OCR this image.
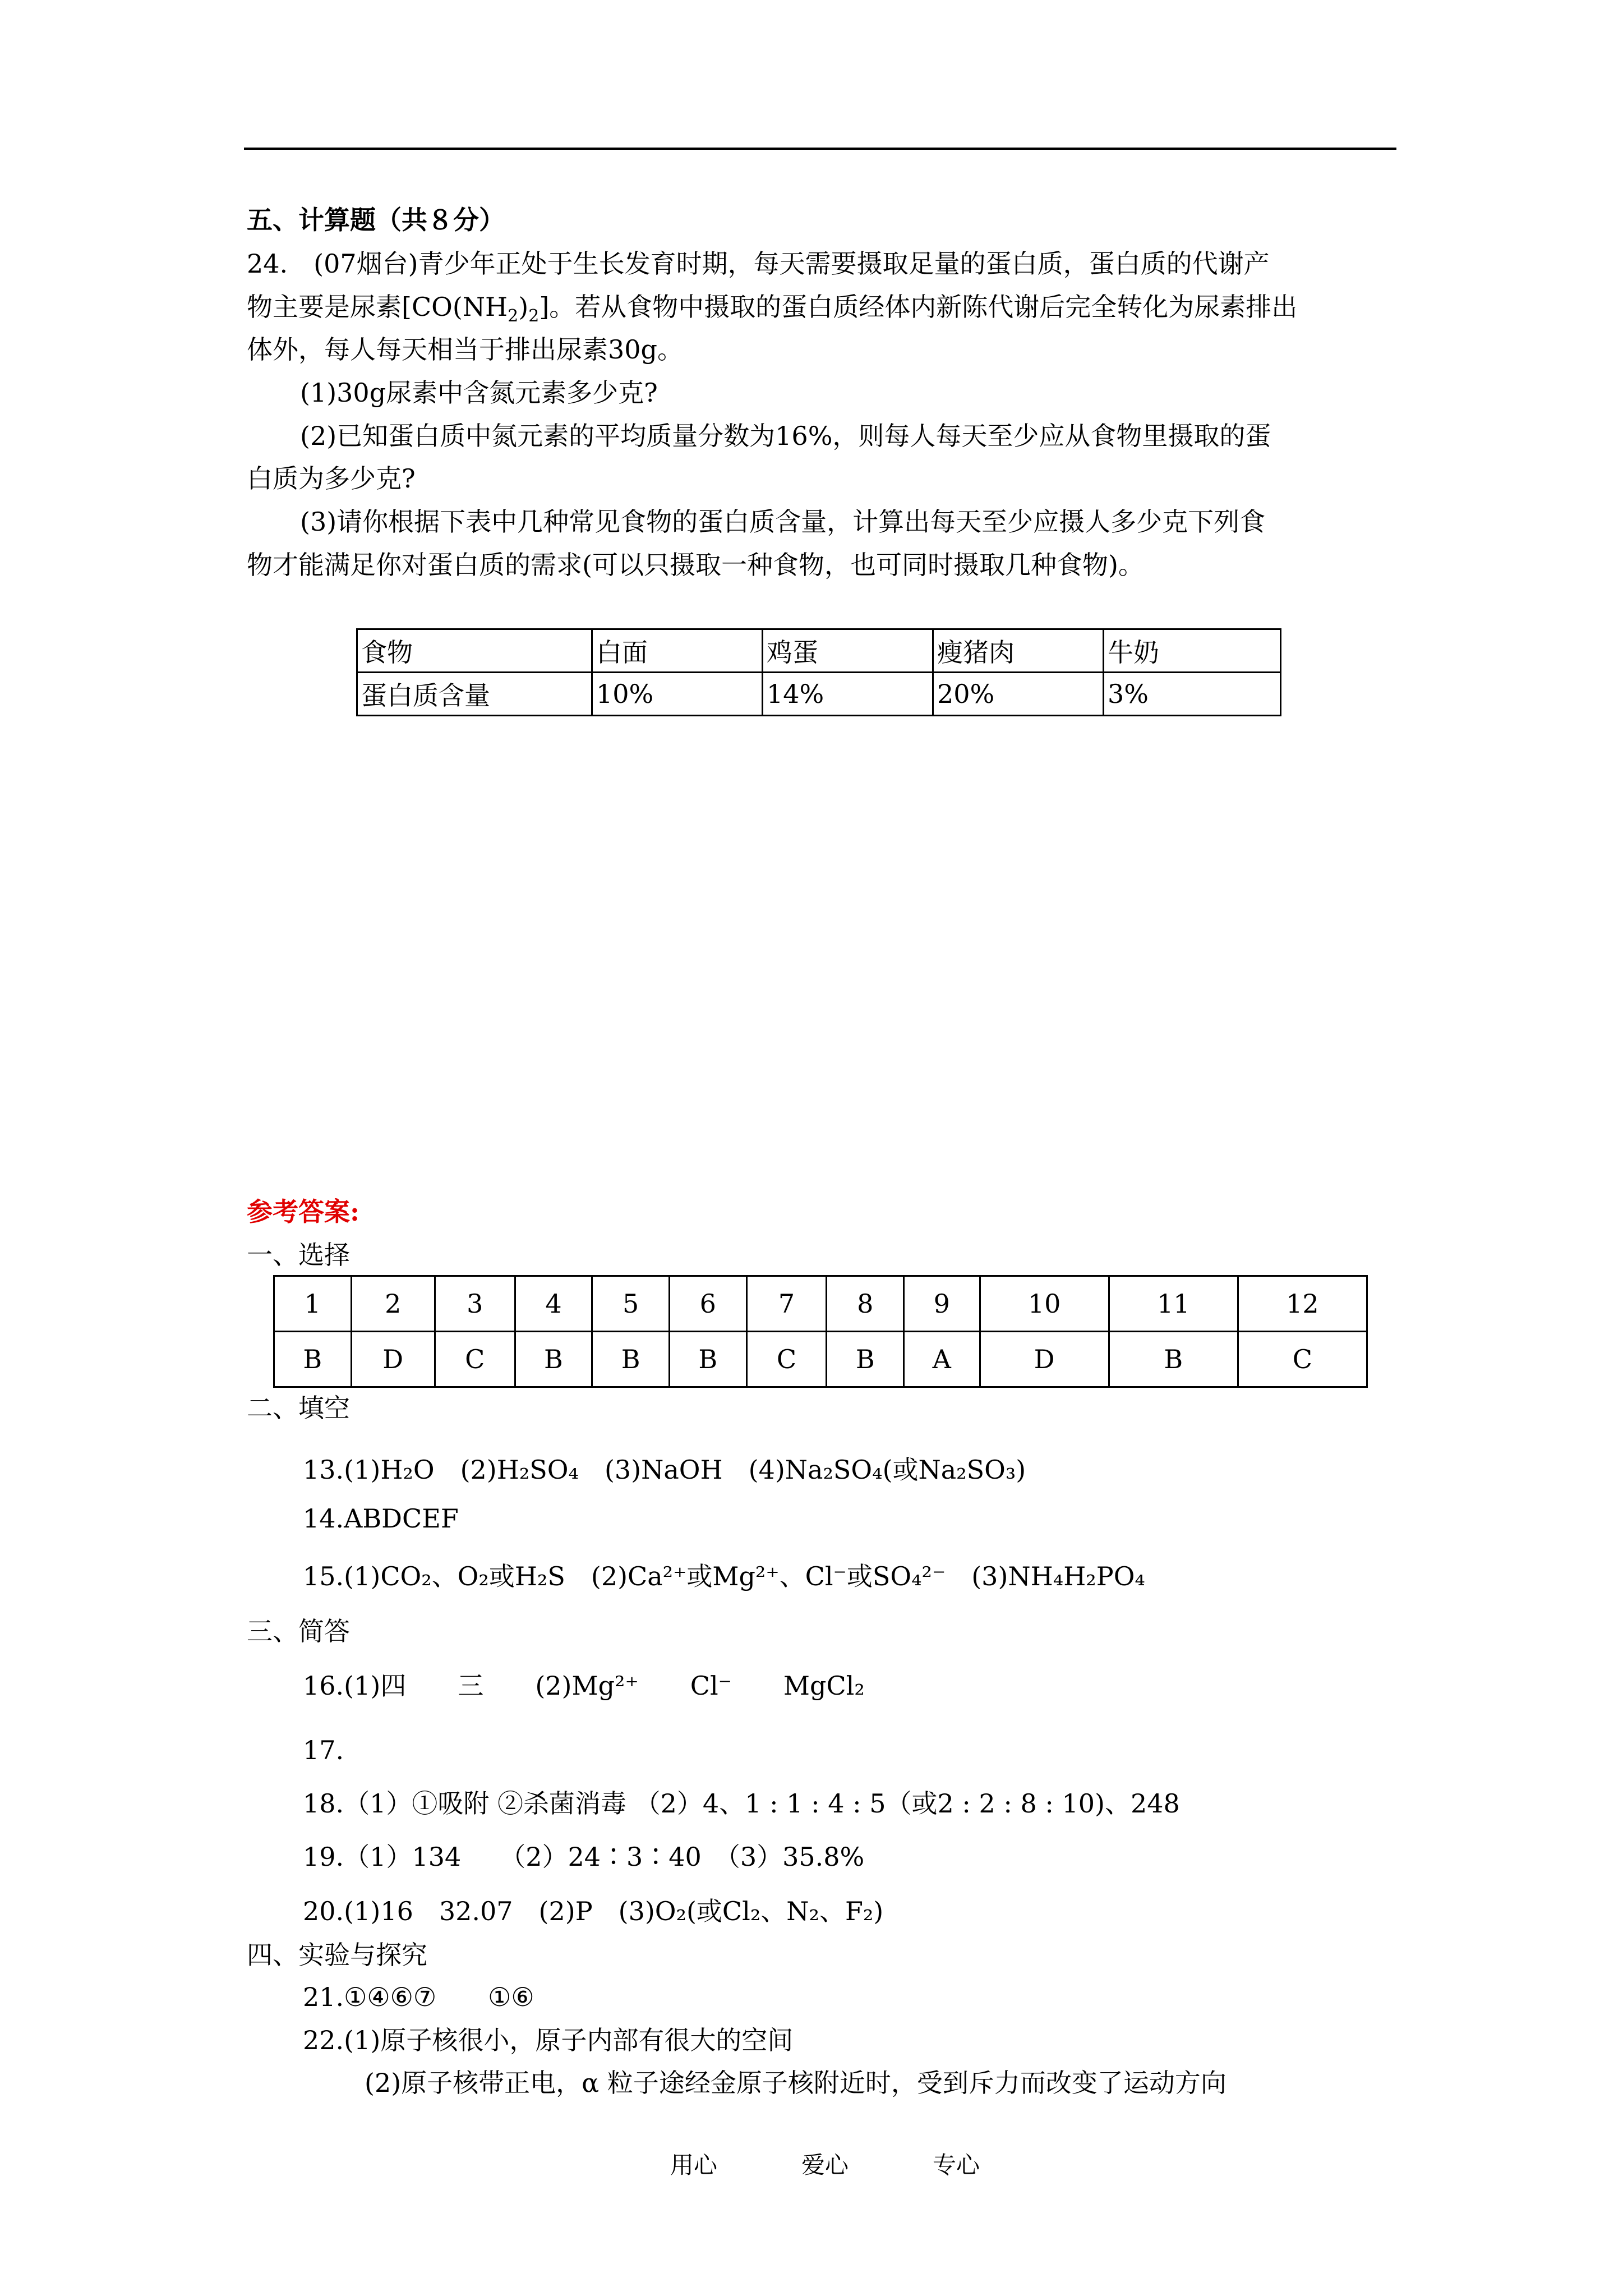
五、计算题（共８分）
24.　(07烟台)青少年正处于生长发育时期，每天需要摄取足量的蛋白质，蛋白质的代谢产
物主要是尿素$[CO(NH_2)_2]$。若从食物中摄取的蛋白质经体内新陈代谢后完全转化为尿素排出
体外，每人每天相当于排出尿素30g。
(1)30g尿素中含氮元素多少克?
(2)已知蛋白质中氮元素的平均质量分数为16%，则每人每天至少应从食物里摄取的蛋
白质为多少克?
(3)请你根据下表中几种常见食物的蛋白质含量，计算出每天至少应摄人多少克下列食
物才能满足你对蛋白质的需求(可以只摄取一种食物，也可同时摄取几种食物)。
食物	白面	鸡蛋	瘦猪肉	牛奶
蛋白质含量	10%	14%	20%	3%
参考答案:
一、选择
1	2	3	4	5	6	7	8	9	10	11	12
B	D	C	B	B	B	C	B	A	D	B	C
二、填空
13.(1)H₂O　(2)H₂SO₄　(3)NaOH　(4)Na₂SO₄(或Na₂SO₃)
14.ABDCEF
15.(1)CO₂、O₂或H₂S　(2)Ca²⁺或Mg²⁺、Cl⁻或SO₄²⁻　(3)NH₄H₂PO₄
三、简答
16.(1)四　　三　　(2)Mg²⁺　　Cl⁻　　MgCl₂
17.
18.（1）①吸附 ②杀菌消毒 （2）4、1 : 1 : 4 : 5（或2 : 2 : 8 : 10)、248
19.（1）134　　（2）24∶3∶40　（3）35.8%
20.(1)16　32.07　(2)P　(3)O₂(或Cl₂、N₂、F₂)
四、实验与探究
21.①④⑥⑦　　①⑥
22.(1)原子核很小，原子内部有很大的空间
(2)原子核带正电，α 粒子途经金原子核附近时，受到斥力而改变了运动方向
用心	爱心	专心
